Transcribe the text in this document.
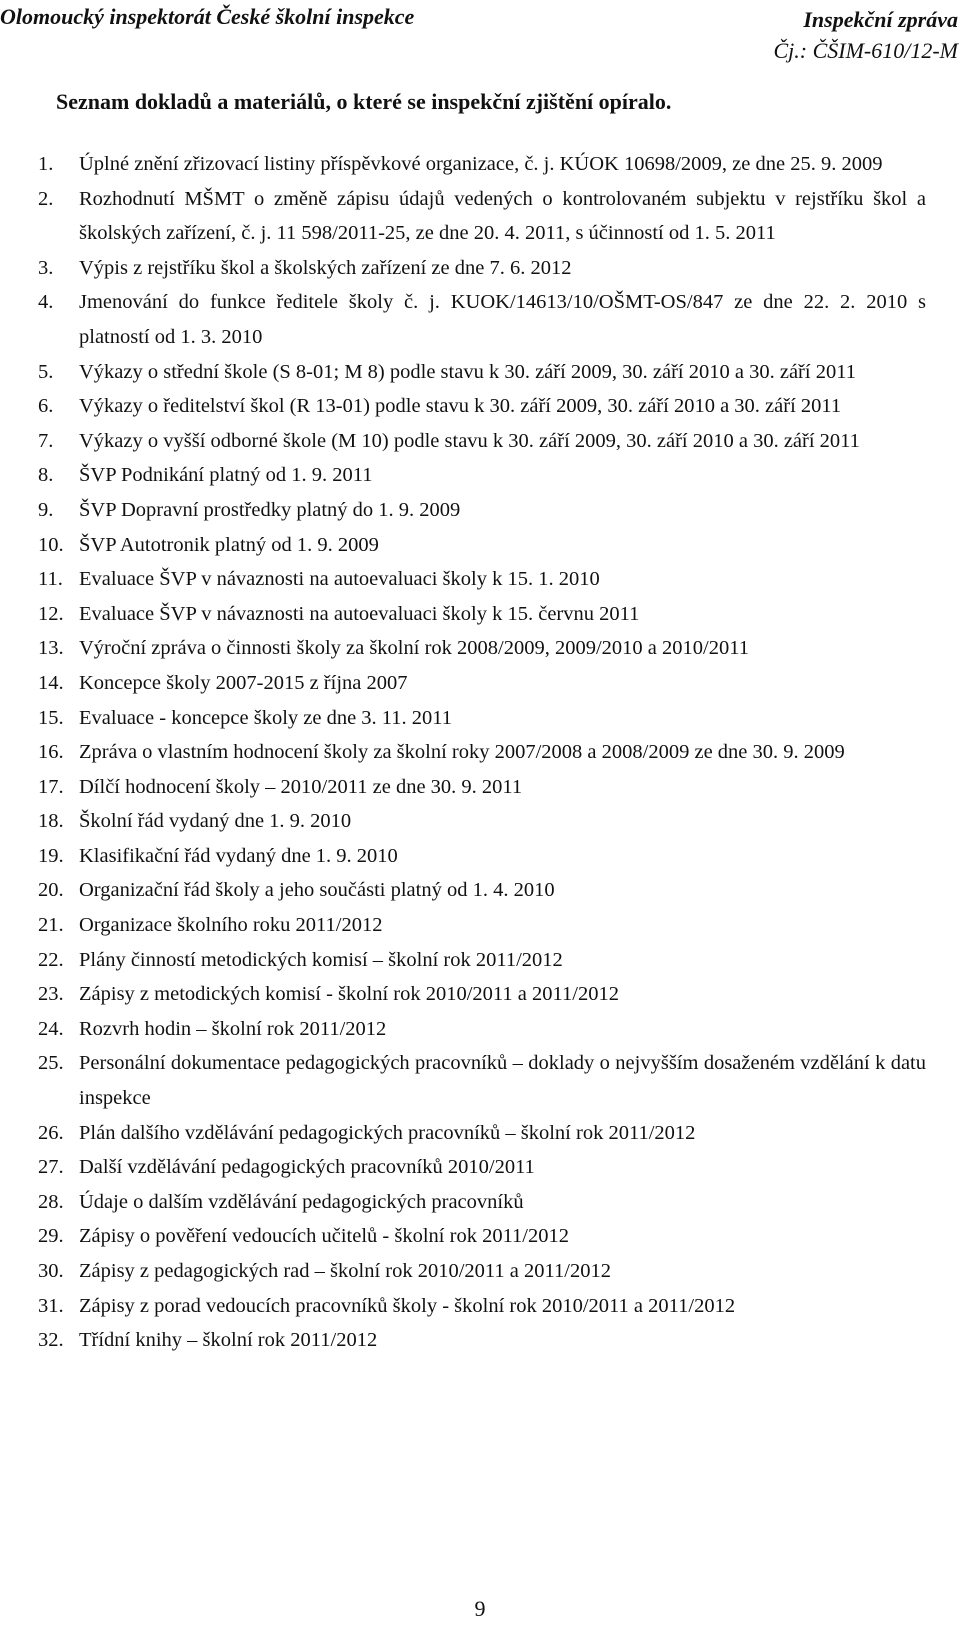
Olomoucký inspektorát České školní inspekce	Inspekční zpráva
Čj.: ČŠIM-610/12-M
Seznam dokladů a materiálů, o které se inspekční zjištění opíralo.
1.	Úplné znění zřizovací listiny příspěvkové organizace, č. j. KÚOK 10698/2009, ze dne 25. 9. 2009
2.	Rozhodnutí MŠMT o změně zápisu údajů vedených o kontrolovaném subjektu v rejstříku škol a školských zařízení, č. j. 11 598/2011-25, ze dne 20. 4. 2011, s účinností od 1. 5. 2011
3.	Výpis z rejstříku škol a školských zařízení ze dne 7. 6. 2012
4.	Jmenování do funkce ředitele školy č. j. KUOK/14613/10/OŠMT-OS/847 ze dne 22. 2. 2010 s platností od 1. 3. 2010
5.	Výkazy o střední škole (S 8-01; M 8) podle stavu k 30. září 2009, 30. září 2010 a 30. září 2011
6.	Výkazy o ředitelství škol (R 13-01) podle stavu k 30. září 2009, 30. září 2010 a 30. září 2011
7.	Výkazy o vyšší odborné škole (M 10) podle stavu k 30. září 2009, 30. září 2010 a 30. září 2011
8.	ŠVP Podnikání platný od 1. 9. 2011
9.	ŠVP Dopravní prostředky platný do 1. 9. 2009
10. ŠVP Autotronik platný od 1. 9. 2009
11. Evaluace ŠVP v návaznosti na autoevaluaci školy k 15. 1. 2010
12. Evaluace ŠVP v návaznosti na autoevaluaci školy k 15. červnu 2011
13. Výroční zpráva o činnosti školy za školní rok 2008/2009, 2009/2010 a 2010/2011
14. Koncepce školy 2007-2015 z října 2007
15. Evaluace - koncepce školy ze dne 3. 11. 2011
16. Zpráva o vlastním hodnocení školy za školní roky 2007/2008 a 2008/2009 ze dne 30. 9. 2009
17. Dílčí hodnocení školy – 2010/2011 ze dne 30. 9. 2011
18. Školní řád vydaný dne 1. 9. 2010
19. Klasifikační řád vydaný dne 1. 9. 2010
20. Organizační řád školy a jeho součásti platný od 1. 4. 2010
21. Organizace školního roku 2011/2012
22. Plány činností metodických komisí – školní rok 2011/2012
23. Zápisy z metodických komisí - školní rok 2010/2011 a 2011/2012
24. Rozvrh hodin – školní rok 2011/2012
25. Personální dokumentace pedagogických pracovníků – doklady o nejvyšším dosaženém vzdělání k datu inspekce
26. Plán dalšího vzdělávání pedagogických pracovníků – školní rok 2011/2012
27. Další vzdělávání pedagogických pracovníků 2010/2011
28. Údaje o dalším vzdělávání pedagogických pracovníků
29. Zápisy o pověření vedoucích učitelů - školní rok 2011/2012
30. Zápisy z pedagogických rad – školní rok 2010/2011 a 2011/2012
31. Zápisy z porad vedoucích pracovníků školy - školní rok 2010/2011 a 2011/2012
32. Třídní knihy – školní rok 2011/2012
9
